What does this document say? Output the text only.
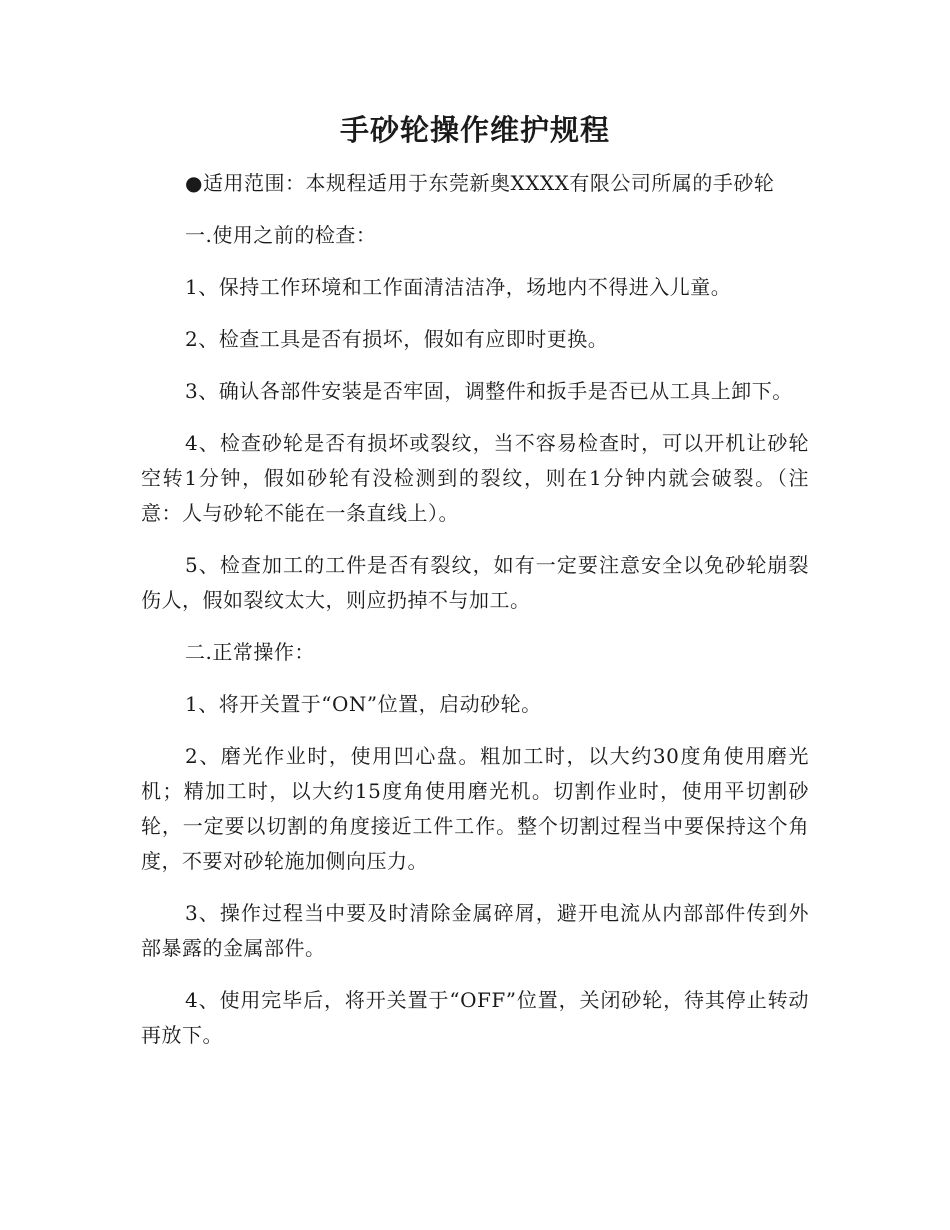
手砂轮操作维护规程

●适用范围：本规程适用于东莞新奥XXXX有限公司所属的手砂轮

一.使用之前的检查：

1、保持工作环境和工作面清洁洁净，场地内不得进入儿童。

2、检查工具是否有损坏，假如有应即时更换。

3、确认各部件安装是否牢固，调整件和扳手是否已从工具上卸下。

4、检查砂轮是否有损坏或裂纹，当不容易检查时，可以开机让砂轮空转1分钟，假如砂轮有没检测到的裂纹，则在1分钟内就会破裂。（注意：人与砂轮不能在一条直线上）。

5、检查加工的工件是否有裂纹，如有一定要注意安全以免砂轮崩裂伤人，假如裂纹太大，则应扔掉不与加工。

二.正常操作：

1、将开关置于“ON”位置，启动砂轮。

2、磨光作业时，使用凹心盘。粗加工时，以大约30度角使用磨光机；精加工时，以大约15度角使用磨光机。切割作业时，使用平切割砂轮，一定要以切割的角度接近工件工作。整个切割过程当中要保持这个角度，不要对砂轮施加侧向压力。

3、操作过程当中要及时清除金属碎屑，避开电流从内部部件传到外部暴露的金属部件。

4、使用完毕后，将开关置于“OFF”位置，关闭砂轮，待其停止转动再放下。
